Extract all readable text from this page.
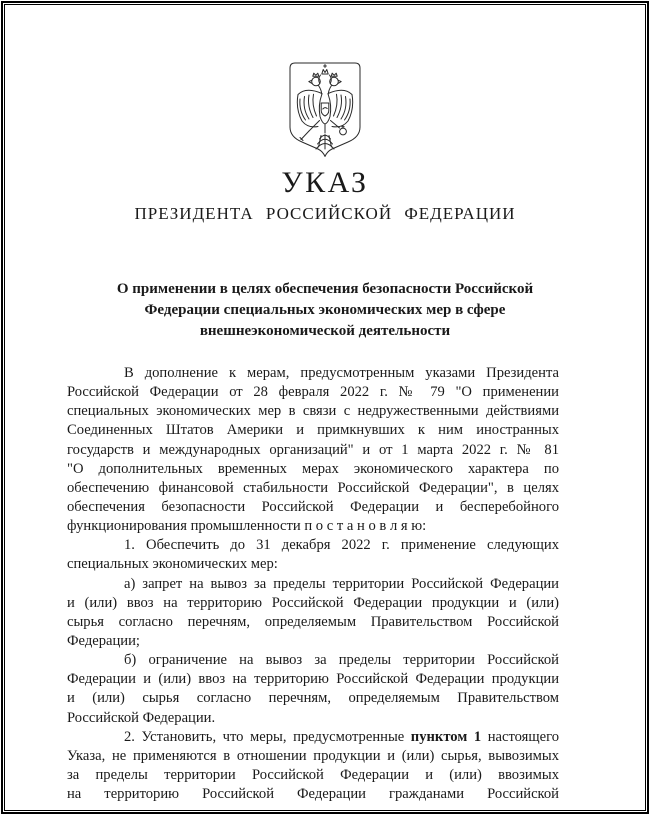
УКАЗ
ПРЕЗИДЕНТА РОССИЙСКОЙ ФЕДЕРАЦИИ
О применении в целях обеспечения безопасности Российской
Федерации специальных экономических мер в сфере
внешнеэкономической деятельности
В дополнение к мерам, предусмотренным указами Президента
Российской Федерации от 28 февраля 2022 г. № 79 "О применении
специальных экономических мер в связи с недружественными действиями
Соединенных Штатов Америки и примкнувших к ним иностранных
государств и международных организаций" и от 1 марта 2022 г. № 81
"О дополнительных временных мерах экономического характера по
обеспечению финансовой стабильности Российской Федерации", в целях
обеспечения безопасности Российской Федерации и бесперебойного
функционирования промышленности п о с т а н о в л я ю:
1. Обеспечить до 31 декабря 2022 г. применение следующих
специальных экономических мер:
а) запрет на вывоз за пределы территории Российской Федерации
и (или) ввоз на территорию Российской Федерации продукции и (или)
сырья согласно перечням, определяемым Правительством Российской
Федерации;
б) ограничение на вывоз за пределы территории Российской
Федерации и (или) ввоз на территорию Российской Федерации продукции
и (или) сырья согласно перечням, определяемым Правительством
Российской Федерации.
2. Установить, что меры, предусмотренные пунктом 1 настоящего
Указа, не применяются в отношении продукции и (или) сырья, вывозимых
за пределы территории Российской Федерации и (или) ввозимых
на территорию Российской Федерации гражданами Российской
